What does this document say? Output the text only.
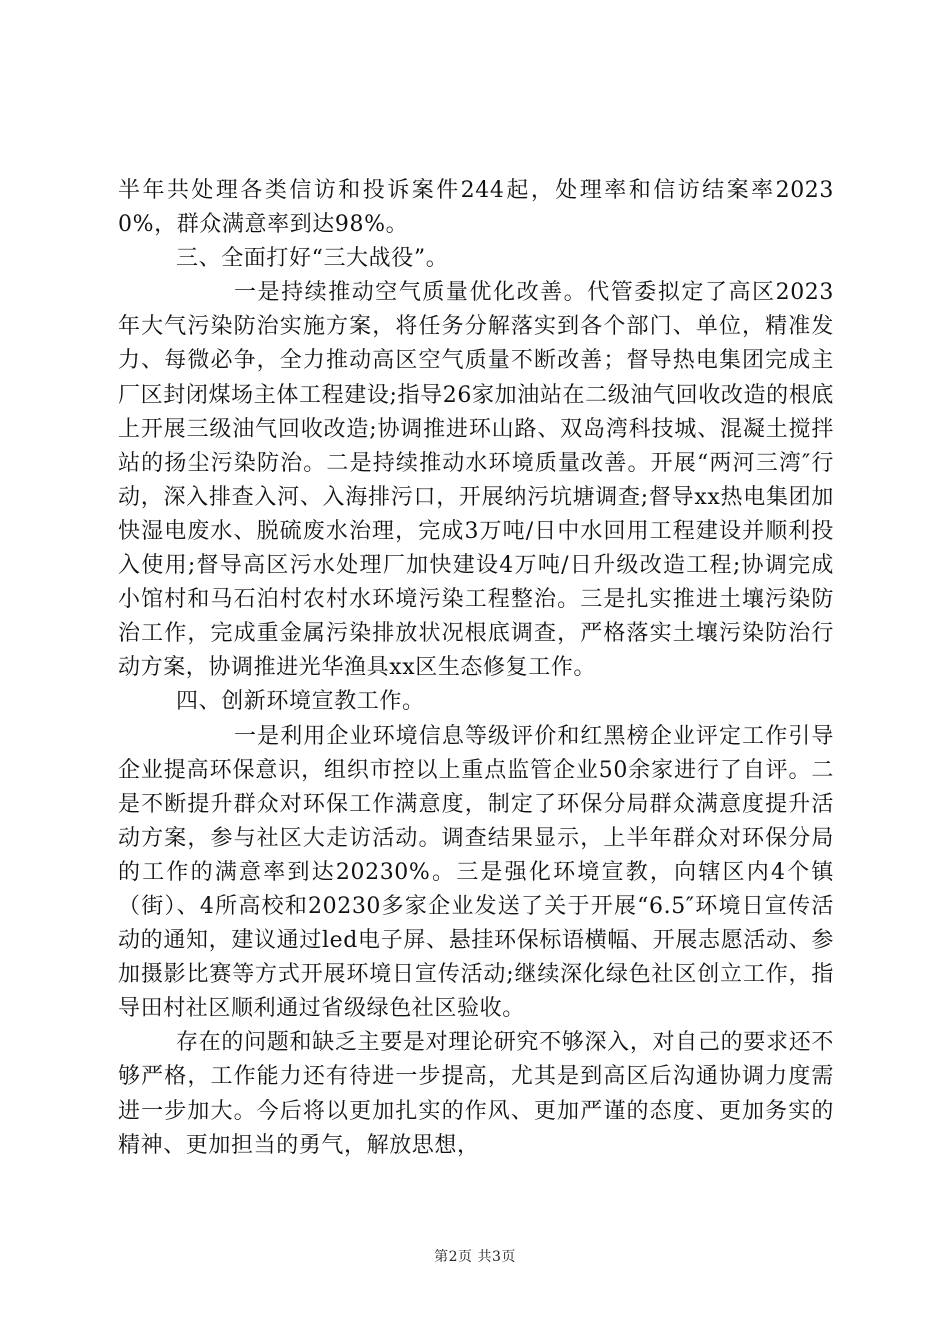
半年共处理各类信访和投诉案件244起，处理率和信访结案率20230%，群众满意率到达98%。

三、全面打好“三大战役”。

一是持续推动空气质量优化改善。代管委拟定了高区2023年大气污染防治实施方案，将任务分解落实到各个部门、单位，精准发力、每微必争，全力推动高区空气质量不断改善；督导热电集团完成主厂区封闭煤场主体工程建设;指导26家加油站在二级油气回收改造的根底上开展三级油气回收改造;协调推进环山路、双岛湾科技城、混凝土搅拌站的扬尘污染防治。二是持续推动水环境质量改善。开展“两河三湾″行动，深入排查入河、入海排污口，开展纳污坑塘调查;督导xx热电集团加快湿电废水、脱硫废水治理，完成3万吨/日中水回用工程建设并顺利投入使用;督导高区污水处理厂加快建设4万吨/日升级改造工程;协调完成小馆村和马石泊村农村水环境污染工程整治。三是扎实推进土壤污染防治工作，完成重金属污染排放状况根底调查，严格落实土壤污染防治行动方案，协调推进光华渔具xx区生态修复工作。

四、创新环境宣教工作。

一是利用企业环境信息等级评价和红黑榜企业评定工作引导企业提高环保意识，组织市控以上重点监管企业50余家进行了自评。二是不断提升群众对环保工作满意度，制定了环保分局群众满意度提升活动方案，参与社区大走访活动。调查结果显示，上半年群众对环保分局的工作的满意率到达20230%。三是强化环境宣教，向辖区内4个镇（街）、4所高校和20230多家企业发送了关于开展“6.5″环境日宣传活动的通知，建议通过led电子屏、悬挂环保标语横幅、开展志愿活动、参加摄影比赛等方式开展环境日宣传活动;继续深化绿色社区创立工作，指导田村社区顺利通过省级绿色社区验收。

存在的问题和缺乏主要是对理论研究不够深入，对自己的要求还不够严格，工作能力还有待进一步提高，尤其是到高区后沟通协调力度需进一步加大。今后将以更加扎实的作风、更加严谨的态度、更加务实的精神、更加担当的勇气，解放思想，

第2页 共3页
